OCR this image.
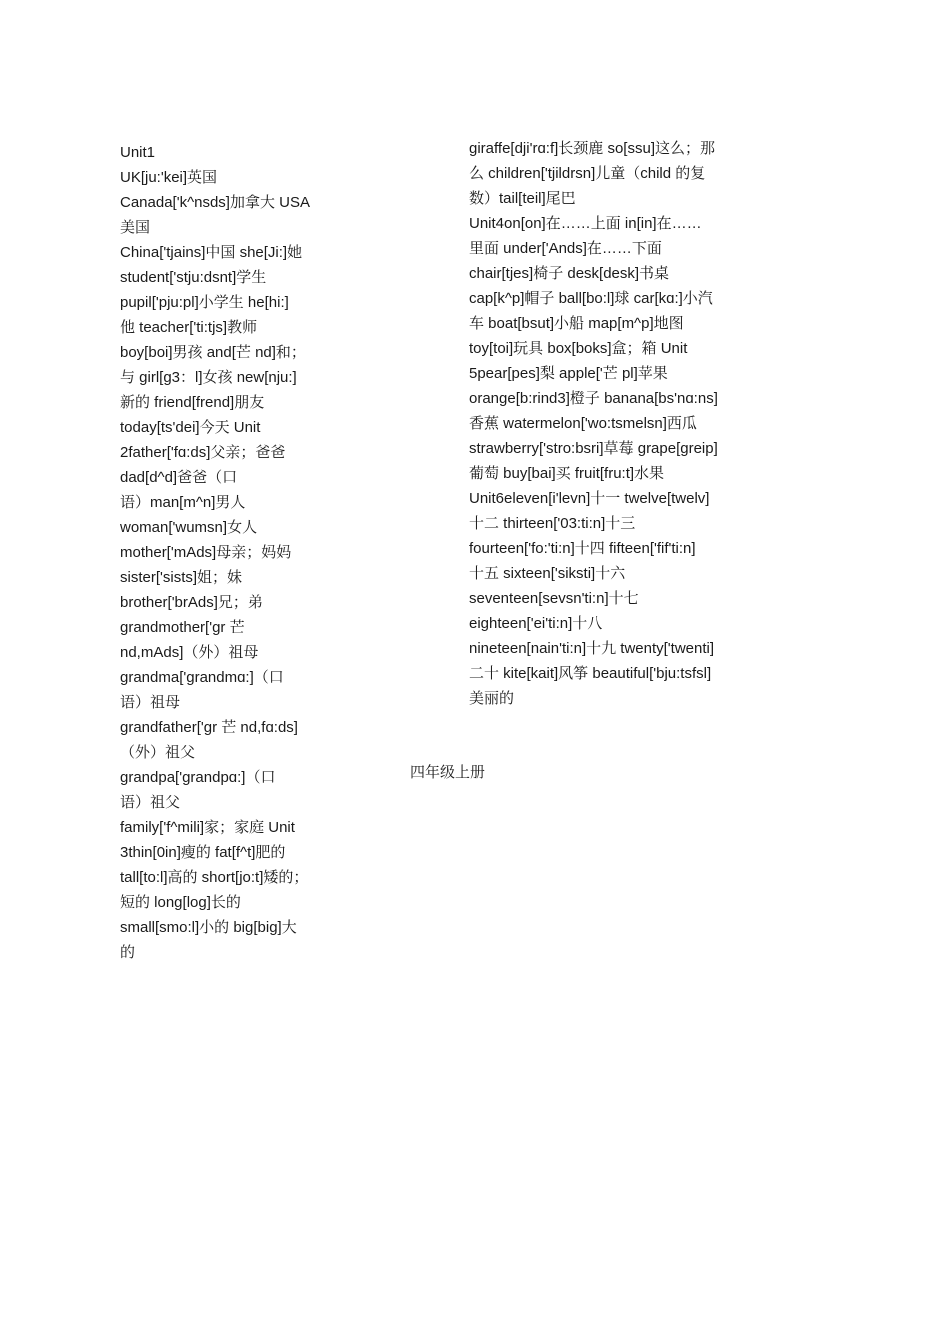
Unit1
UK[ju:'kei]英国
Canada['k^nsds]加拿大 USA
美国
China['tjains]中国 she[Ji:]她
student['stju:dsnt]学生
pupil['pju:pl]小学生 he[hi:]
他 teacher['ti:tjs]教师
boy[boi]男孩 and[芒 nd]和；
与 girl[g3：l]女孩 new[nju:]
新的 friend[frend]朋友
today[ts'dei]今天 Unit
2father['fɑ:ds]父亲；爸爸
dad[d^d]爸爸（口
语）man[m^n]男人
woman['wumsn]女人
mother['mAds]母亲；妈妈
sister['sists]姐；妹
brother['brAds]兄；弟
grandmother['gr 芒
nd,mAds]（外）祖母
grandma['grandmɑ:]（口
语）祖母
grandfather['gr 芒 nd,fɑ:ds]
（外）祖父
grandpa['grandpɑ:]（口
语）祖父
family['f^mili]家；家庭 Unit
3thin[0in]瘦的 fat[f^t]肥的
tall[to:l]高的 short[jo:t]矮的；
短的 long[log]长的
small[smo:l]小的 big[big]大
的
giraffe[dji'rɑ:f]长颈鹿 so[ssu]这么；那
么 children['tjildrsn]儿童（child 的复
数）tail[teil]尾巴
Unit4on[on]在……上面 in[in]在……
里面 under['Ands]在……下面
chair[tjes]椅子 desk[desk]书桌
cap[k^p]帽子 ball[bo:l]球 car[kɑ:]小汽
车 boat[bsut]小船 map[m^p]地图
toy[toi]玩具 box[boks]盒；箱 Unit
5pear[pes]梨 apple['芒 pl]苹果
orange[b:rind3]橙子 banana[bs'nɑ:ns]
香蕉 watermelon['wo:tsmelsn]西瓜
strawberry['stro:bsri]草莓 grape[greip]
葡萄 buy[bai]买 fruit[fru:t]水果
Unit6eleven[i'levn]十一 twelve[twelv]
十二 thirteen['03:ti:n]十三
fourteen['fo:'ti:n]十四 fifteen['fif'ti:n]
十五 sixteen['siksti]十六
seventeen[sevsn'ti:n]十七
eighteen['ei'ti:n]十八
nineteen[nain'ti:n]十九 twenty['twenti]
二十 kite[kait]风筝 beautiful['bju:tsfsl]
美丽的
四年级上册
